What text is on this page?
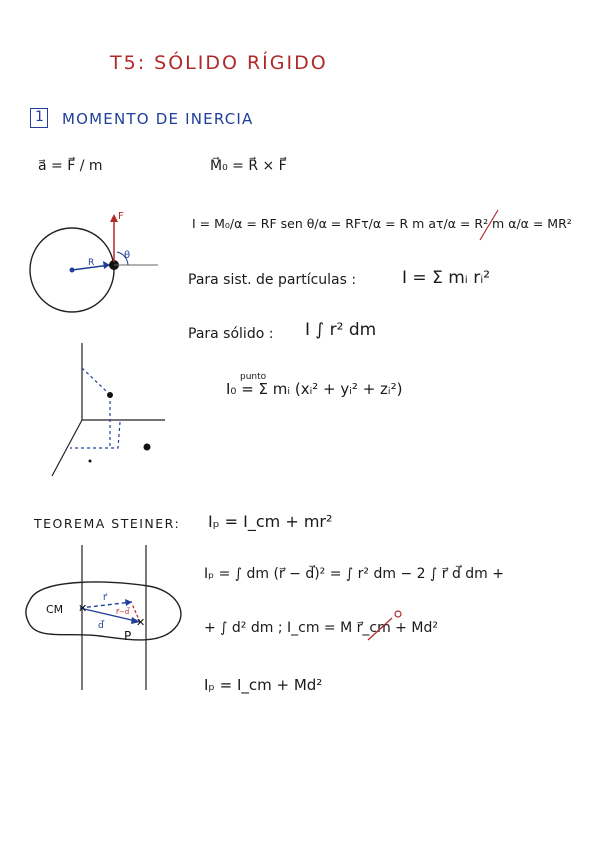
T5: SÓLIDO RÍGIDO
1 MOMENTO DE INERCIA
a⃗ = F⃗ / m	M⃗₀ = R⃗ × F⃗
I = M₀/α = RF sen θ/α = RFτ/α = R m aτ/α = R² m α/α = MR²
Para sist. de partículas :	I = Σ mᵢ rᵢ²
Para sólido : I ∫ r² dm
I₀ = Σ mᵢ (xᵢ² + yᵢ² + zᵢ²)
punto
TEOREMA STEINER: Iₚ = I_cm + mr²
Iₚ = ∫ dm (r⃗ − d⃗)² = ∫ r² dm − 2 ∫ r⃗ d⃗ dm +
+ ∫ d² dm ; I_cm = M r⃗_cm + Md²
Iₚ = I_cm + Md²
F
R
θ
CM ✕
✕
P
r⃗
d⃗
r⃗−d⃗
